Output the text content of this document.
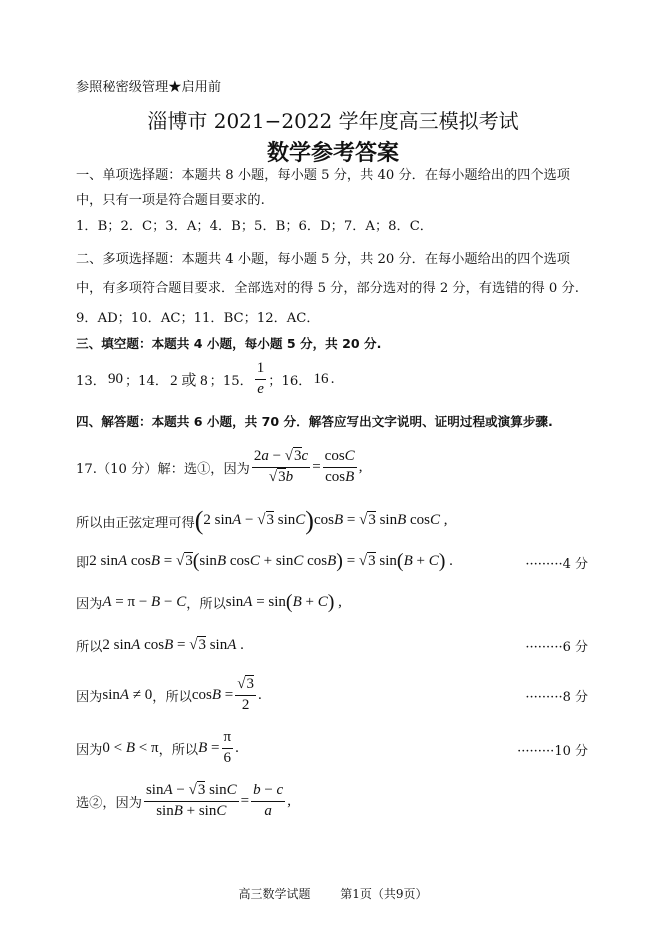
参照秘密级管理★启用前
淄博市 2021−2022 学年度高三模拟考试
数学参考答案
一、单项选择题：本题共 8 小题，每小题 5 分，共 40 分．在每小题给出的四个选项
中，只有一项是符合题目要求的.
1．B；2．C；3．A；4．B；5．B；6．D；7．A；8．C．
二、多项选择题：本题共 4 小题，每小题 5 分，共 20 分．在每小题给出的四个选项
中，有多项符合题目要求．全部选对的得 5 分，部分选对的得 2 分，有选错的得 0 分.
9．AD；10．AC；11．BC；12．AC．
三、填空题：本题共 4 小题，每小题 5 分，共 20 分.
13． 90 ；14． 2 或 8 ；15． $\frac{1}{e}$ ；16． 16 .
四、解答题：本题共 6 小题，共 70 分．解答应写出文字说明、证明过程或演算步骤.
17.（10 分）解：选①，因为 $\frac{2a - √3c}{√3b} = \frac{\cos C}{\cos B}$ ,
所以由正弦定理可得 (2 sinA − √3 sinC)cosB = √3 sinB cosC ,
即 2 sinA cosB = √3(sinB cosC + sinC cosB) = √3 sin(B + C) .	·········4 分
因为 A = π − B − C ，所以 sinA = sin(B + C) ,
所以 2 sinA cosB = √3 sinA .	·········6 分
因为 sinA ≠ 0 ，所以 $\cos B = \frac{√3}{2}$ .	·········8 分
因为 0 < B < π ，所以 $B = \frac{\pi}{6}$ .	·········10 分
选②，因为 $\frac{\sin A - √3 \sin C}{\sin B + \sin C} = \frac{b - c}{a}$ ,
高三数学试题 第1页（共9页）
